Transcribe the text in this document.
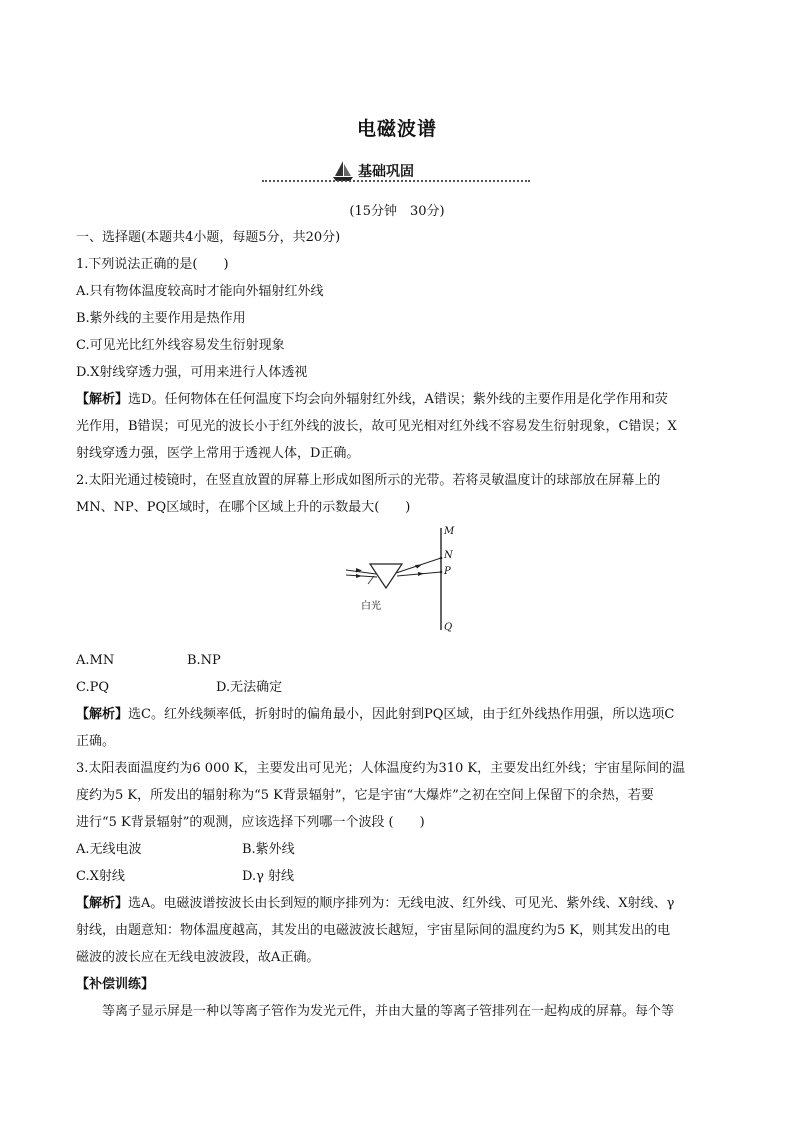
电磁波谱
基础巩固
(15分钟　30分)
一、选择题(本题共4小题，每题5分，共20分)
1.下列说法正确的是(　　)
A.只有物体温度较高时才能向外辐射红外线
B.紫外线的主要作用是热作用
C.可见光比红外线容易发生衍射现象
D.X射线穿透力强，可用来进行人体透视
【解析】选D。任何物体在任何温度下均会向外辐射红外线，A错误；紫外线的主要作用是化学作用和荧
光作用，B错误；可见光的波长小于红外线的波长，故可见光相对红外线不容易发生衍射现象，C错误；X
射线穿透力强，医学上常用于透视人体，D正确。
2.太阳光通过棱镜时，在竖直放置的屏幕上形成如图所示的光带。若将灵敏温度计的球部放在屏幕上的
MN、NP、PQ区域时，在哪个区域上升的示数最大(　　)
M
N
P
Q
白光
A.MN	B.NP
C.PQ	D.无法确定
【解析】选C。红外线频率低，折射时的偏角最小，因此射到PQ区域，由于红外线热作用强，所以选项C
正确。
3.太阳表面温度约为6 000 K，主要发出可见光；人体温度约为310 K，主要发出红外线；宇宙星际间的温
度约为5 K，所发出的辐射称为“5 K背景辐射”，它是宇宙“大爆炸”之初在空间上保留下的余热，若要
进行“5 K背景辐射”的观测，应该选择下列哪一个波段 (　　)
A.无线电波	B.紫外线
C.X射线	D.γ 射线
【解析】选A。电磁波谱按波长由长到短的顺序排列为：无线电波、红外线、可见光、紫外线、X射线、γ
射线，由题意知：物体温度越高，其发出的电磁波波长越短，宇宙星际间的温度约为5 K，则其发出的电
磁波的波长应在无线电波波段，故A正确。
【补偿训练】
等离子显示屏是一种以等离子管作为发光元件，并由大量的等离子管排列在一起构成的屏幕。每个等
